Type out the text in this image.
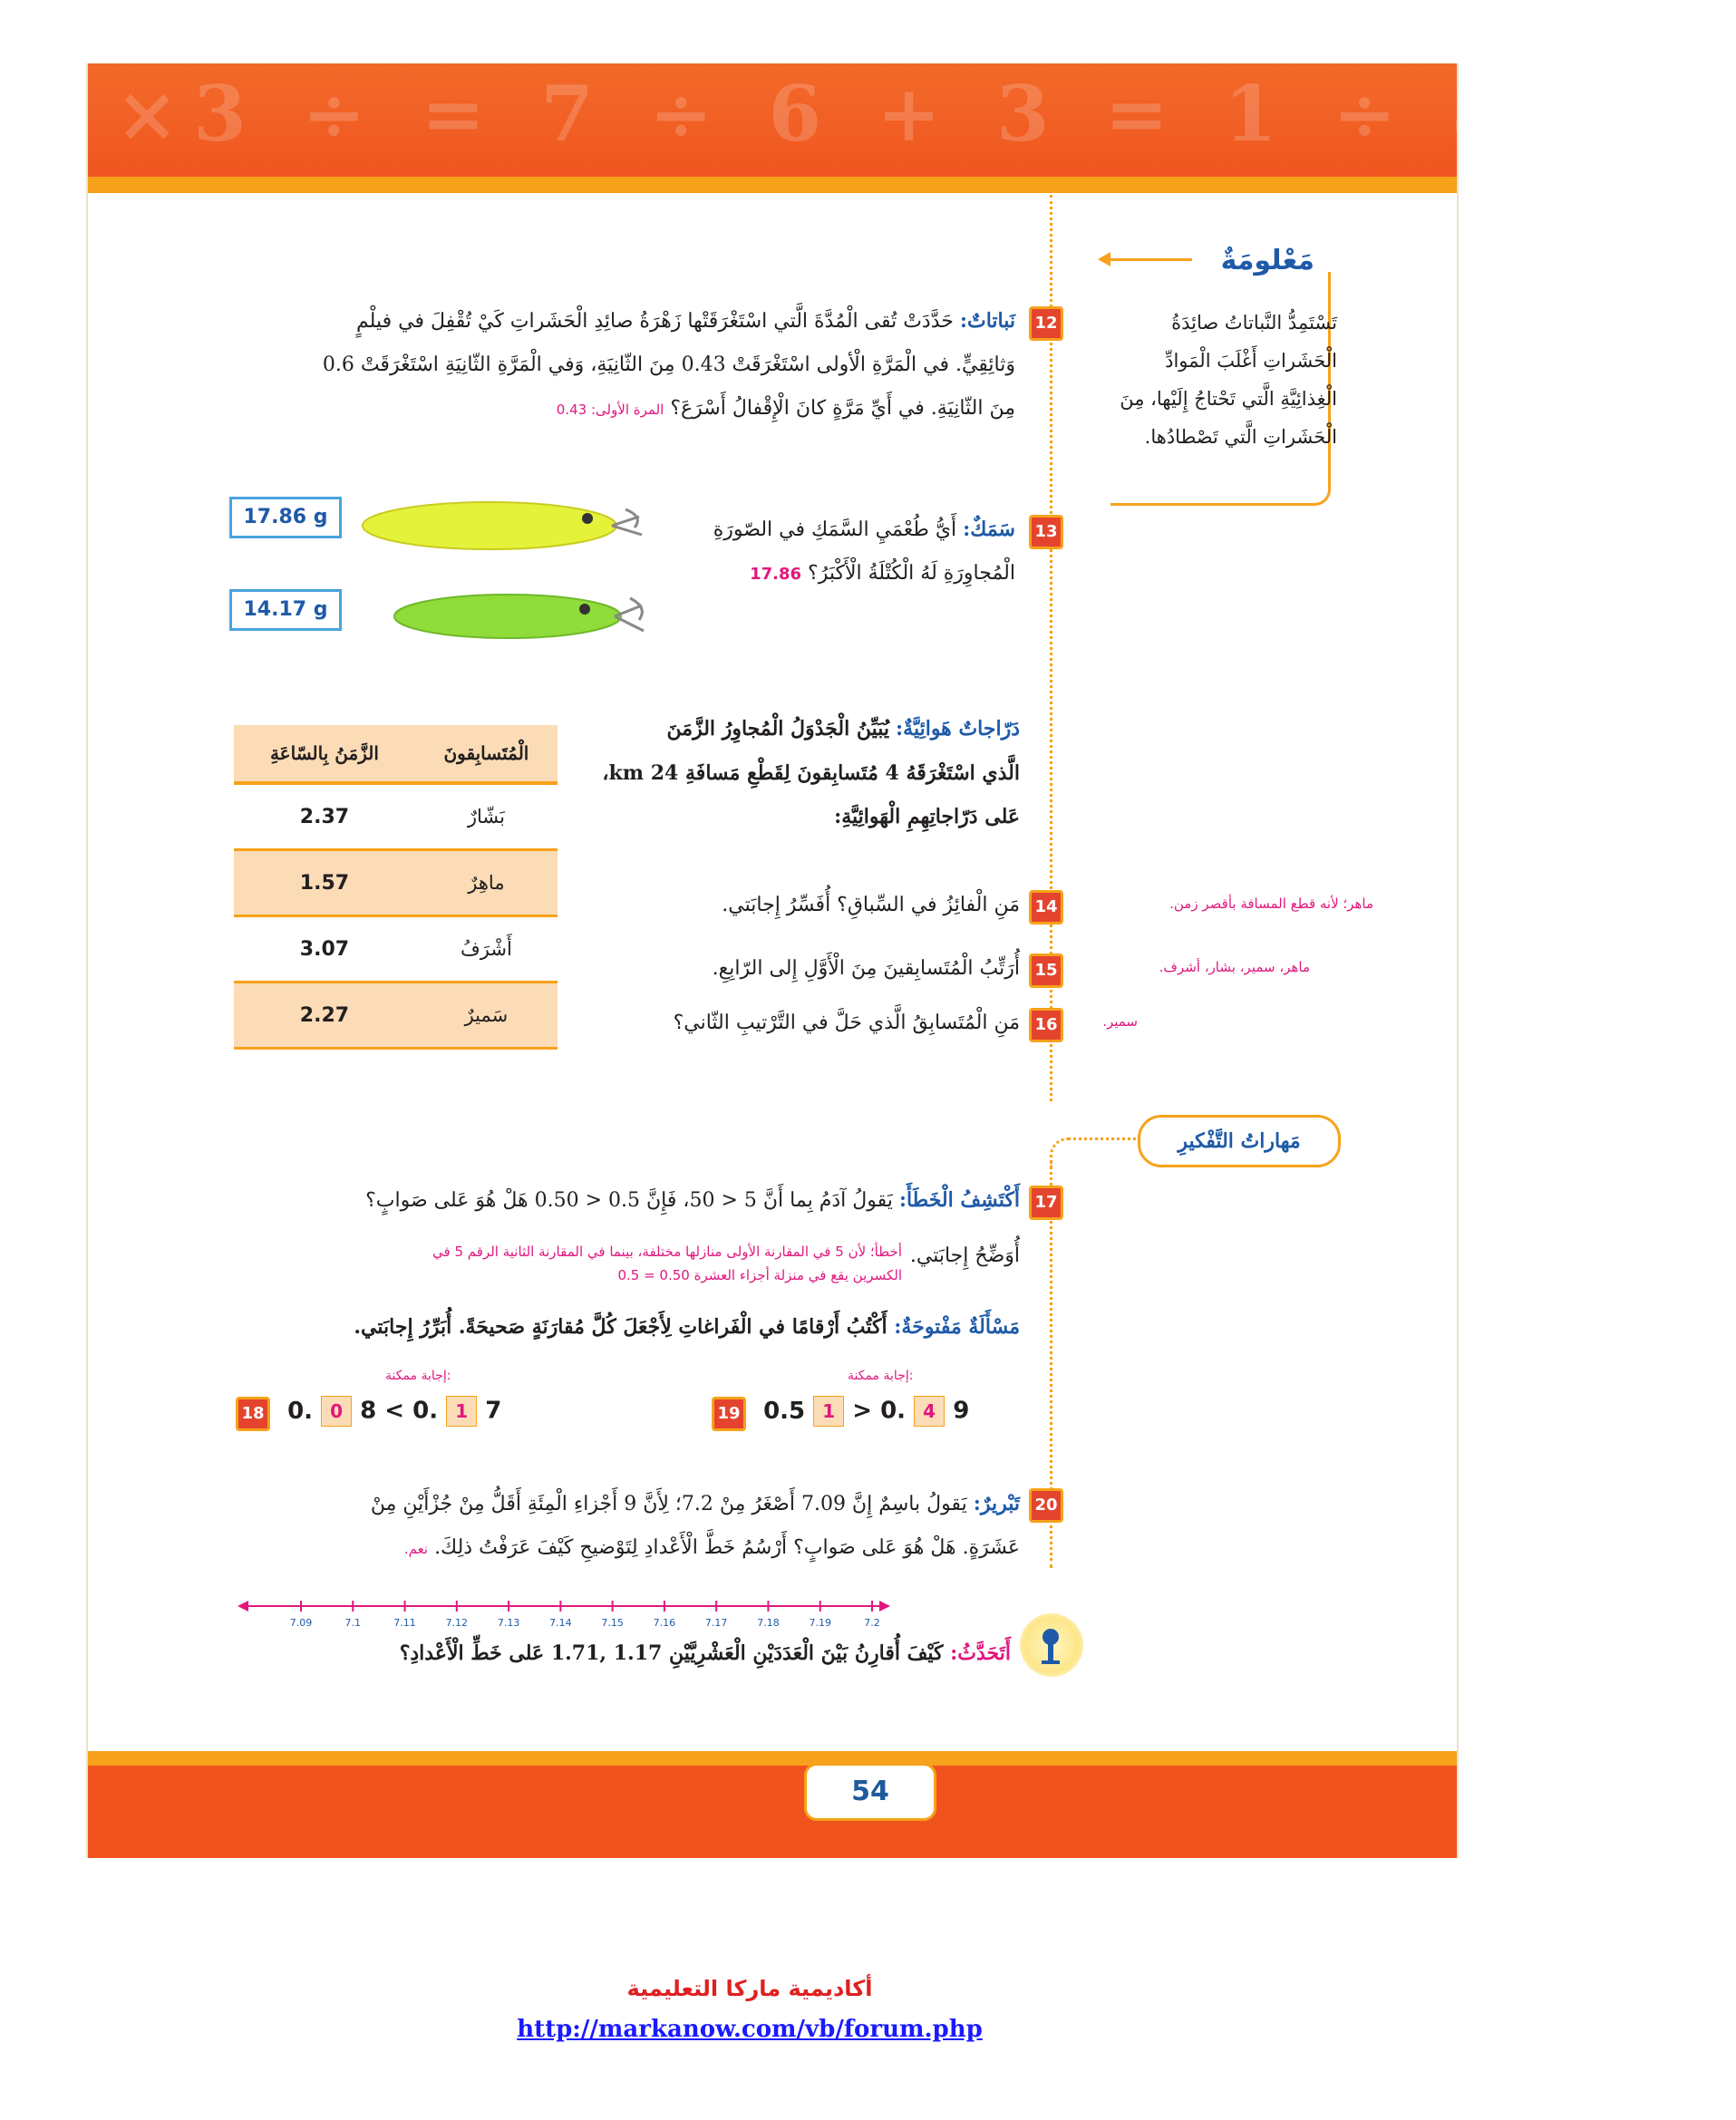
×3 ÷ = 7 ÷ 6 + 3 = 1 ÷ 8 5 2
54
مَعْلومَةٌ
تَسْتَمِدُّ النَّباتاتُ صائِدَةُ الْحَشَراتِ أَغْلَبَ الْمَوادِّ الْغِذائِيَّةِ الَّتي تَحْتاجُ إِلَيْها، مِنَ الْحَشَراتِ الَّتي تَصْطادُها.
12
نَباتاتٌ: حَدَّدَتْ تُقى الْمُدَّةَ الَّتي اسْتَغْرَقَتْها زَهْرَةُ صائِدِ الْحَشَراتِ كَيْ تُقْفِلَ في فيلْمٍ
وَثائِقِيٍّ. في الْمَرَّةِ الْأولى اسْتَغْرَقَتْ 0.43 مِنَ الثّانِيَةِ، وَفي الْمَرَّةِ الثّانِيَةِ اسْتَغْرَقَتْ 0.6
مِنَ الثّانِيَةِ. في أَيِّ مَرَّةٍ كانَ الْإِقْفالُ أَسْرَعَ؟ المرة الأولى: 0.43
13
سَمَكٌ: أَيُّ طُعْمَيِ السَّمَكِ في الصّورَةِ
الْمُجاوِرَةِ لَهُ الْكُتْلَةُ الْأَكْبَرُ؟ 17.86
17.86 g
14.17 g
دَرّاجاتٌ هَوائِيَّةٌ: يُبَيِّنُ الْجَدْوَلُ الْمُجاوِرُ الزَّمَنَ
الَّذي اسْتَغْرَقَهُ 4 مُتَسابِقونَ لِقَطْعِ مَسافَةِ 24 km،
عَلى دَرّاجاتِهِمِ الْهَوائِيَّةِ:
الزَّمَنُ بِالسّاعَةِ	الْمُتَسابِقونَ
2.37	بَشّارٌ
1.57	ماهِرٌ
3.07	أَشْرَفُ
2.27	سَميرٌ
14
مَنِ الْفائِزُ في السِّباقِ؟ أُفَسِّرُ إِجابَتي.	ماهر؛ لأنه قطع المسافة بأقصر زمن.
15
أُرَتِّبُ الْمُتَسابِقينَ مِنَ الْأَوَّلِ إِلى الرّابِعِ.	ماهر، سمير، بشار، أشرف.
16
مَنِ الْمُتَسابِقُ الَّذي حَلَّ في التَّرْتيبِ الثّاني؟	سمير.
مَهاراتُ التَّفْكيرِ
17
أَكْتَشِفُ الْخَطَأَ: يَقولُ آدَمُ بِما أَنَّ 5 < 50، فَإِنَّ 0.5 < 0.50 هَلْ هُوَ عَلى صَوابٍ؟
أُوَضِّحُ إِجابَتي.
أخطأ؛ لأن 5 في المقارنة الأولى منازلها مختلفة، بينما في المقارنة الثانية الرقم 5 في
الكسرين يقع في منزلة أجزاء العشرة 0.50 = 0.5
مَسْأَلَةٌ مَفْتوحَةٌ: أَكْتُبُ أَرْقامًا في الْفَراغاتِ لِأَجْعَلَ كُلَّ مُقارَنَةٍ صَحيحَةً. أُبَرِّرُ إِجابَتي.
إجابة ممكنة:	إجابة ممكنة:
18 0. 0 8 < 0. 1 7	19 0.5 1 > 0. 4 9
20
تَبْريرٌ: يَقولُ باسِمٌ إِنَّ 7.09 أَصْغَرُ مِنْ 7.2؛ لِأَنَّ 9 أَجْزاءِ الْمِئَةِ أَقَلُّ مِنْ جُزْأَيْنِ مِنْ
عَشَرَةٍ. هَلْ هُوَ عَلى صَوابٍ؟ أَرْسُمُ خَطَّ الْأَعْدادِ لِتَوْضيحِ كَيْفَ عَرَفْتُ ذلِكَ. نعم.
7.09	7.1	7.11	7.12	7.13	7.14	7.15	7.16	7.17	7.18	7.19	7.2
أَتَحَدَّثُ: كَيْفَ أُقارِنُ بَيْنَ الْعَدَدَيْنِ الْعَشْرِيَّيْنِ 1.17 ,1.71 عَلى خَطِّ الْأَعْدادِ؟
أكاديمية ماركا التعليمية
http://markanow.com/vb/forum.php
